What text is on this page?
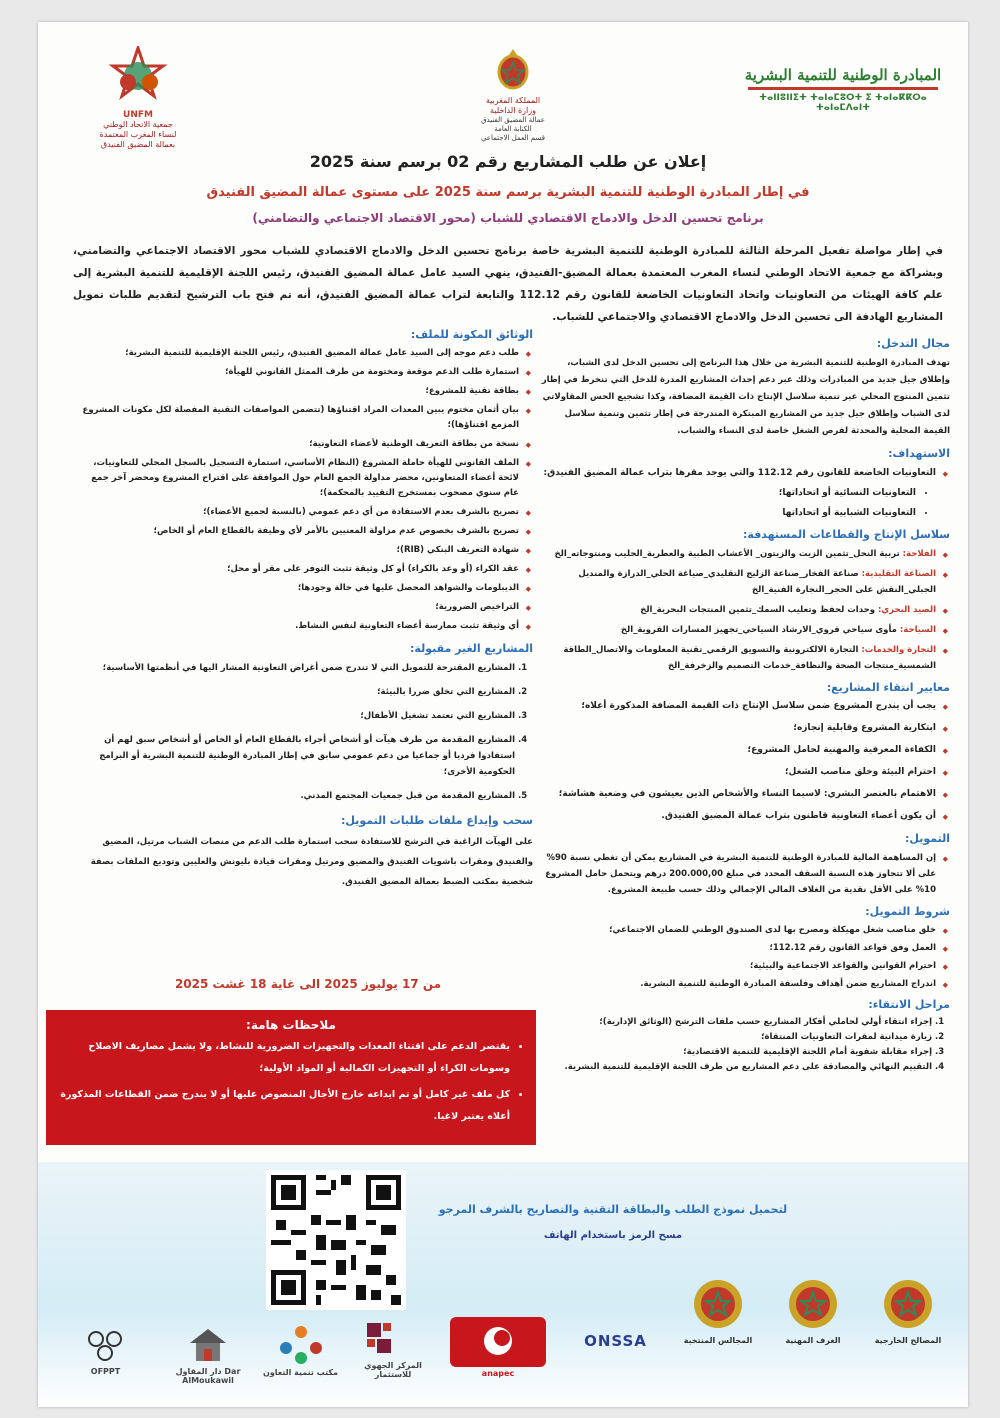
UNFM
جمعية الاتحاد الوطني
لنساء المغرب المعتمدة
بعمالة المضيق الفنيدق
المملكة المغربية
وزارة الداخلية
عمالة المضيق الفنيدق
الكتابة العامة
قسم العمل الاجتماعي
المبادرة الوطنية للتنمية البشرية
ⵜⴰⵏⵏⵓⵏⵏⵉⵜ ⵜⴰⵏⴰⵎⵓⵔⵜ ⵉ ⵜⴰⵏⴰⴽⴽⵔⴰ ⵜⴰⵏⴰⵎⴷⴰⵏⵜ
إعلان عن طلب المشاريع رقم 02 برسم سنة 2025
في إطار المبادرة الوطنية للتنمية البشرية برسم سنة 2025 على مستوى عمالة المضيق الفنيدق
برنامج تحسين الدخل والادماج الاقتصادي للشباب (محور الاقتصاد الاجتماعي والتضامني)
في إطار مواصلة تفعيل المرحلة الثالثة للمبادرة الوطنية للتنمية البشرية خاصة برنامج تحسين الدخل والادماج الاقتصادي للشباب محور الاقتصاد الاجتماعي والتضامني، وبشراكة مع جمعية الاتحاد الوطني لنساء المغرب المعتمدة بعمالة المضيق-الفنيدق، ينهي السيد عامل عمالة المضيق الفنيدق، رئيس اللجنة الإقليمية للتنمية البشرية إلى علم كافة الهيئات من التعاونيات واتحاد التعاونيات الخاضعة للقانون رقم 112.12 والتابعة لتراب عمالة المضيق الفنيدق، أنه تم فتح باب الترشيح لتقديم طلبات تمويل المشاريع الهادفة الى تحسين الدخل والادماج الاقتصادي والاجتماعي للشباب.
مجال التدخل:
تهدف المبادرة الوطنية للتنمية البشرية من خلال هذا البرنامج إلى تحسين الدخل لدى الشباب، وإطلاق جيل جديد من المبادرات وذلك عبر دعم إحداث المشاريع المدرة للدخل التي تنخرط في إطار تثمين المنتوج المحلي عبر تنمية سلاسل الإنتاج ذات القيمة المضافة، وكذا تشجيع الحس المقاولاتي لدى الشباب وإطلاق جيل جديد من المشاريع المبتكرة المندرجة في إطار تثمين وتنمية سلاسل القيمة المحلية والمحدثة لفرص الشغل خاصة لدى النساء والشباب.
الاستهداف:
◆ التعاونيات الخاضعة للقانون رقم 112.12 والتي يوجد مقرها بتراب عمالة المضيق الفنيدق:
• التعاونيات النسائية أو اتحاداتها؛
• التعاونيات الشبابية أو اتحاداتها
سلاسل الإنتاج والقطاعات المستهدفة:
◆ الفلاحة: تربية النحل_تثمين الزيت والزيتون_ الأعشاب الطبية والعطرية_الحليب ومنتوجاته_الخ
◆ الصناعة التقليدية: صناعة الفخار_صناعة الزليج التقليدي_صياغة الحلي_الدرازة والمنديل الجبلي_النقش على الحجر_النجارة الفنية_الخ
◆ الصيد البحري: وحدات لحفظ وتعليب السمك_تثمين المنتجات البحرية_الخ
◆ السياحة: مأوى سياحي قروي_الارشاد السياحي_تجهيز المسارات القروية_الخ
◆ التجارة والخدمات: التجارة الالكترونية والتسويق الرقمي_تقنية المعلومات والاتصال_الطاقة الشمسية_منتجات الصحة والنظافة_خدمات التصميم والزخرفة_الخ
معايير انتقاء المشاريع:
◆ يجب أن يندرج المشروع ضمن سلاسل الإنتاج ذات القيمة المضافة المذكورة أعلاه؛
◆ ابتكارية المشروع وقابلية إنجازه؛
◆ الكفاءة المعرفية والمهنية لحامل المشروع؛
◆ احترام البيئة وخلق مناصب الشغل؛
◆ الاهتمام بالعنصر البشري: لاسيما النساء والأشخاص الذين يعيشون في وضعية هشاشة؛
◆ أن يكون أعضاء التعاونية قاطنون بتراب عمالة المضيق الفنيدق.
التمويل:
◆ إن المساهمة المالية للمبادرة الوطنية للتنمية البشرية في المشاريع يمكن أن تغطي نسبة 90% على ألا تتجاوز هذه النسبة السقف المحدد في مبلغ 200.000,00 درهم ويتحمل حامل المشروع 10% على الأقل نقدية من الغلاف المالي الإجمالي وذلك حسب طبيعة المشروع.
شروط التمويل:
◆ خلق مناصب شغل مهيكلة ومصرح بها لدى الصندوق الوطني للضمان الاجتماعي؛
◆ العمل وفق قواعد القانون رقم 112.12؛
◆ احترام القوانين والقواعد الاجتماعية والبيئية؛
◆ اندراج المشاريع ضمن أهداف وفلسفة المبادرة الوطنية للتنمية البشرية.
مراحل الانتقاء:
1. إجراء انتقاء أولي لحاملي أفكار المشاريع حسب ملفات الترشح (الوثائق الإدارية)؛
2. زيارة ميدانية لمقرات التعاونيات المنتقاة؛
3. إجراء مقابلة شفوية أمام اللجنة الإقليمية للتنمية الاقتصادية؛
4. التقييم النهائي والمصادقة على دعم المشاريع من طرف اللجنة الإقليمية للتنمية البشرية.
الوثائق المكونة للملف:
◆ طلب دعم موجه إلى السيد عامل عمالة المضيق الفنيدق، رئيس اللجنة الإقليمية للتنمية البشرية؛
◆ استمارة طلب الدعم موقعة ومختومة من طرف الممثل القانوني للهيأة؛
◆ بطاقة تقنية للمشروع؛
◆ بيان أثمان مختوم يبين المعدات المراد اقتناؤها (تتضمن المواصفات التقنية المفصلة لكل مكونات المشروع المزمع اقتناؤها)؛
◆ نسخة من بطاقة التعريف الوطنية لأعضاء التعاونية؛
◆ الملف القانوني للهيأة حاملة المشروع (النظام الأساسي، استمارة التسجيل بالسجل المحلي للتعاونيات، لائحة أعضاء المتعاونين، محضر مداولة الجمع العام حول الموافقة على اقتراح المشروع ومحضر آخر جمع عام سنوي مصحوب بمستخرج التقييد بالمحكمة)؛
◆ تصريح بالشرف بعدم الاستفادة من أي دعم عمومي (بالنسبة لجميع الأعضاء)؛
◆ تصريح بالشرف بخصوص عدم مزاولة المعنيين بالأمر لأي وظيفة بالقطاع العام أو الخاص؛
◆ شهادة التعريف البنكي (RIB)؛
◆ عقد الكراء (أو وعد بالكراء) أو كل وثيقة تثبت التوفر على مقر أو محل؛
◆ الديبلومات والشواهد المحصل عليها في حالة وجودها؛
◆ التراخيص الضرورية؛
◆ أي وثيقة تثبت ممارسة أعضاء التعاونية لنفس النشاط.
المشاريع الغير مقبولة:
1. المشاريع المقترحة للتمويل التي لا تندرج ضمن أغراض التعاونية المشار اليها في أنظمتها الأساسية؛
2. المشاريع التي تخلق ضررا بالبيئة؛
3. المشاريع التي تعتمد تشغيل الأطفال؛
4. المشاريع المقدمة من طرف هيآت أو أشخاص أجراء بالقطاع العام أو الخاص أو أشخاص سبق لهم أن استفادوا فرديا أو جماعيا من دعم عمومي سابق في إطار المبادرة الوطنية للتنمية البشرية أو البرامج الحكومية الأخرى؛
5. المشاريع المقدمة من قبل جمعيات المجتمع المدني.
سحب وإيداع ملفات طلبات التمويل:
على الهيآت الراغبة في الترشح للاستفادة سحب استمارة طلب الدعم من منصات الشباب مرتيل، المضيق والفنيدق ومقرات باشويات الفنيدق والمضيق ومرتيل ومقرات قيادة بليونش والعليين وتوديع الملفات بصفة شخصية بمكتب الضبط بعمالة المضيق الفنيدق.
من 17 يوليوز 2025 الى غاية 18 غشت 2025
ملاحظات هامة:
• يقتصر الدعم على اقتناء المعدات والتجهيزات الضرورية للنشاط، ولا يشمل مصاريف الاصلاح وسومات الكراء أو التجهيزات الكمالية أو المواد الأولية؛
• كل ملف غير كامل أو تم ايداعه خارج الأجال المنصوص عليها أو لا يندرج ضمن القطاعات المذكورة أعلاه يعتبر لاغيا.
لتحميل نموذج الطلب والبطاقة التقنية والتصاريح بالشرف المرجو
مسح الرمز باستخدام الهاتف
المصالح الخارجية
الغرف المهنية
المجالس المنتخبة
ONSSA
anapec
المركز الجهوي للاستثمار
مكتب تنمية التعاون
دار المقاول Dar AlMoukawil
OFPPT
